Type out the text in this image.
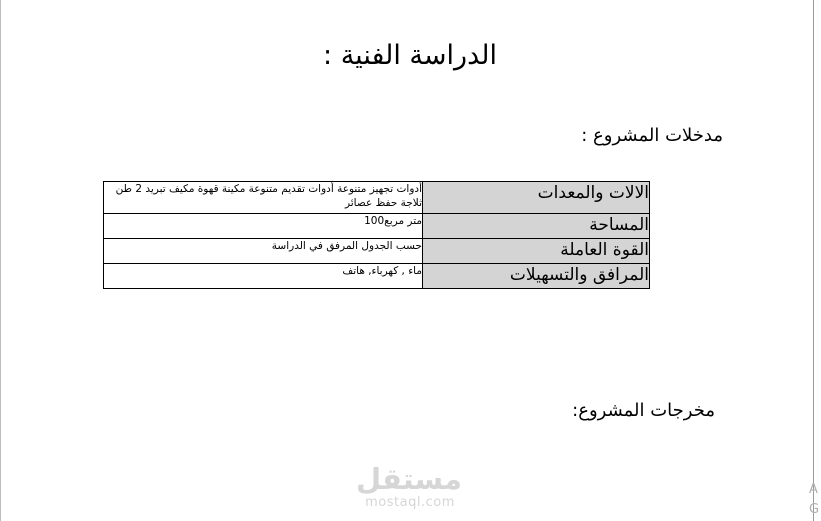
الدراسة الفنية :
مدخلات المشروع :
الالات والمعدات	أدوات تجهيز متنوعة أدوات تقديم متنوعة مكينة قهوة مكيف تبريد 2 طن ثلاجة حفظ عصائر
المساحة	متر مربع100
القوة العاملة	حسب الجدول المرفق في الدراسة
المرافق والتسهيلات	ماء , كهرباء, هاتف
مخرجات المشروع:
مستقل
mostaql.com
A
G
